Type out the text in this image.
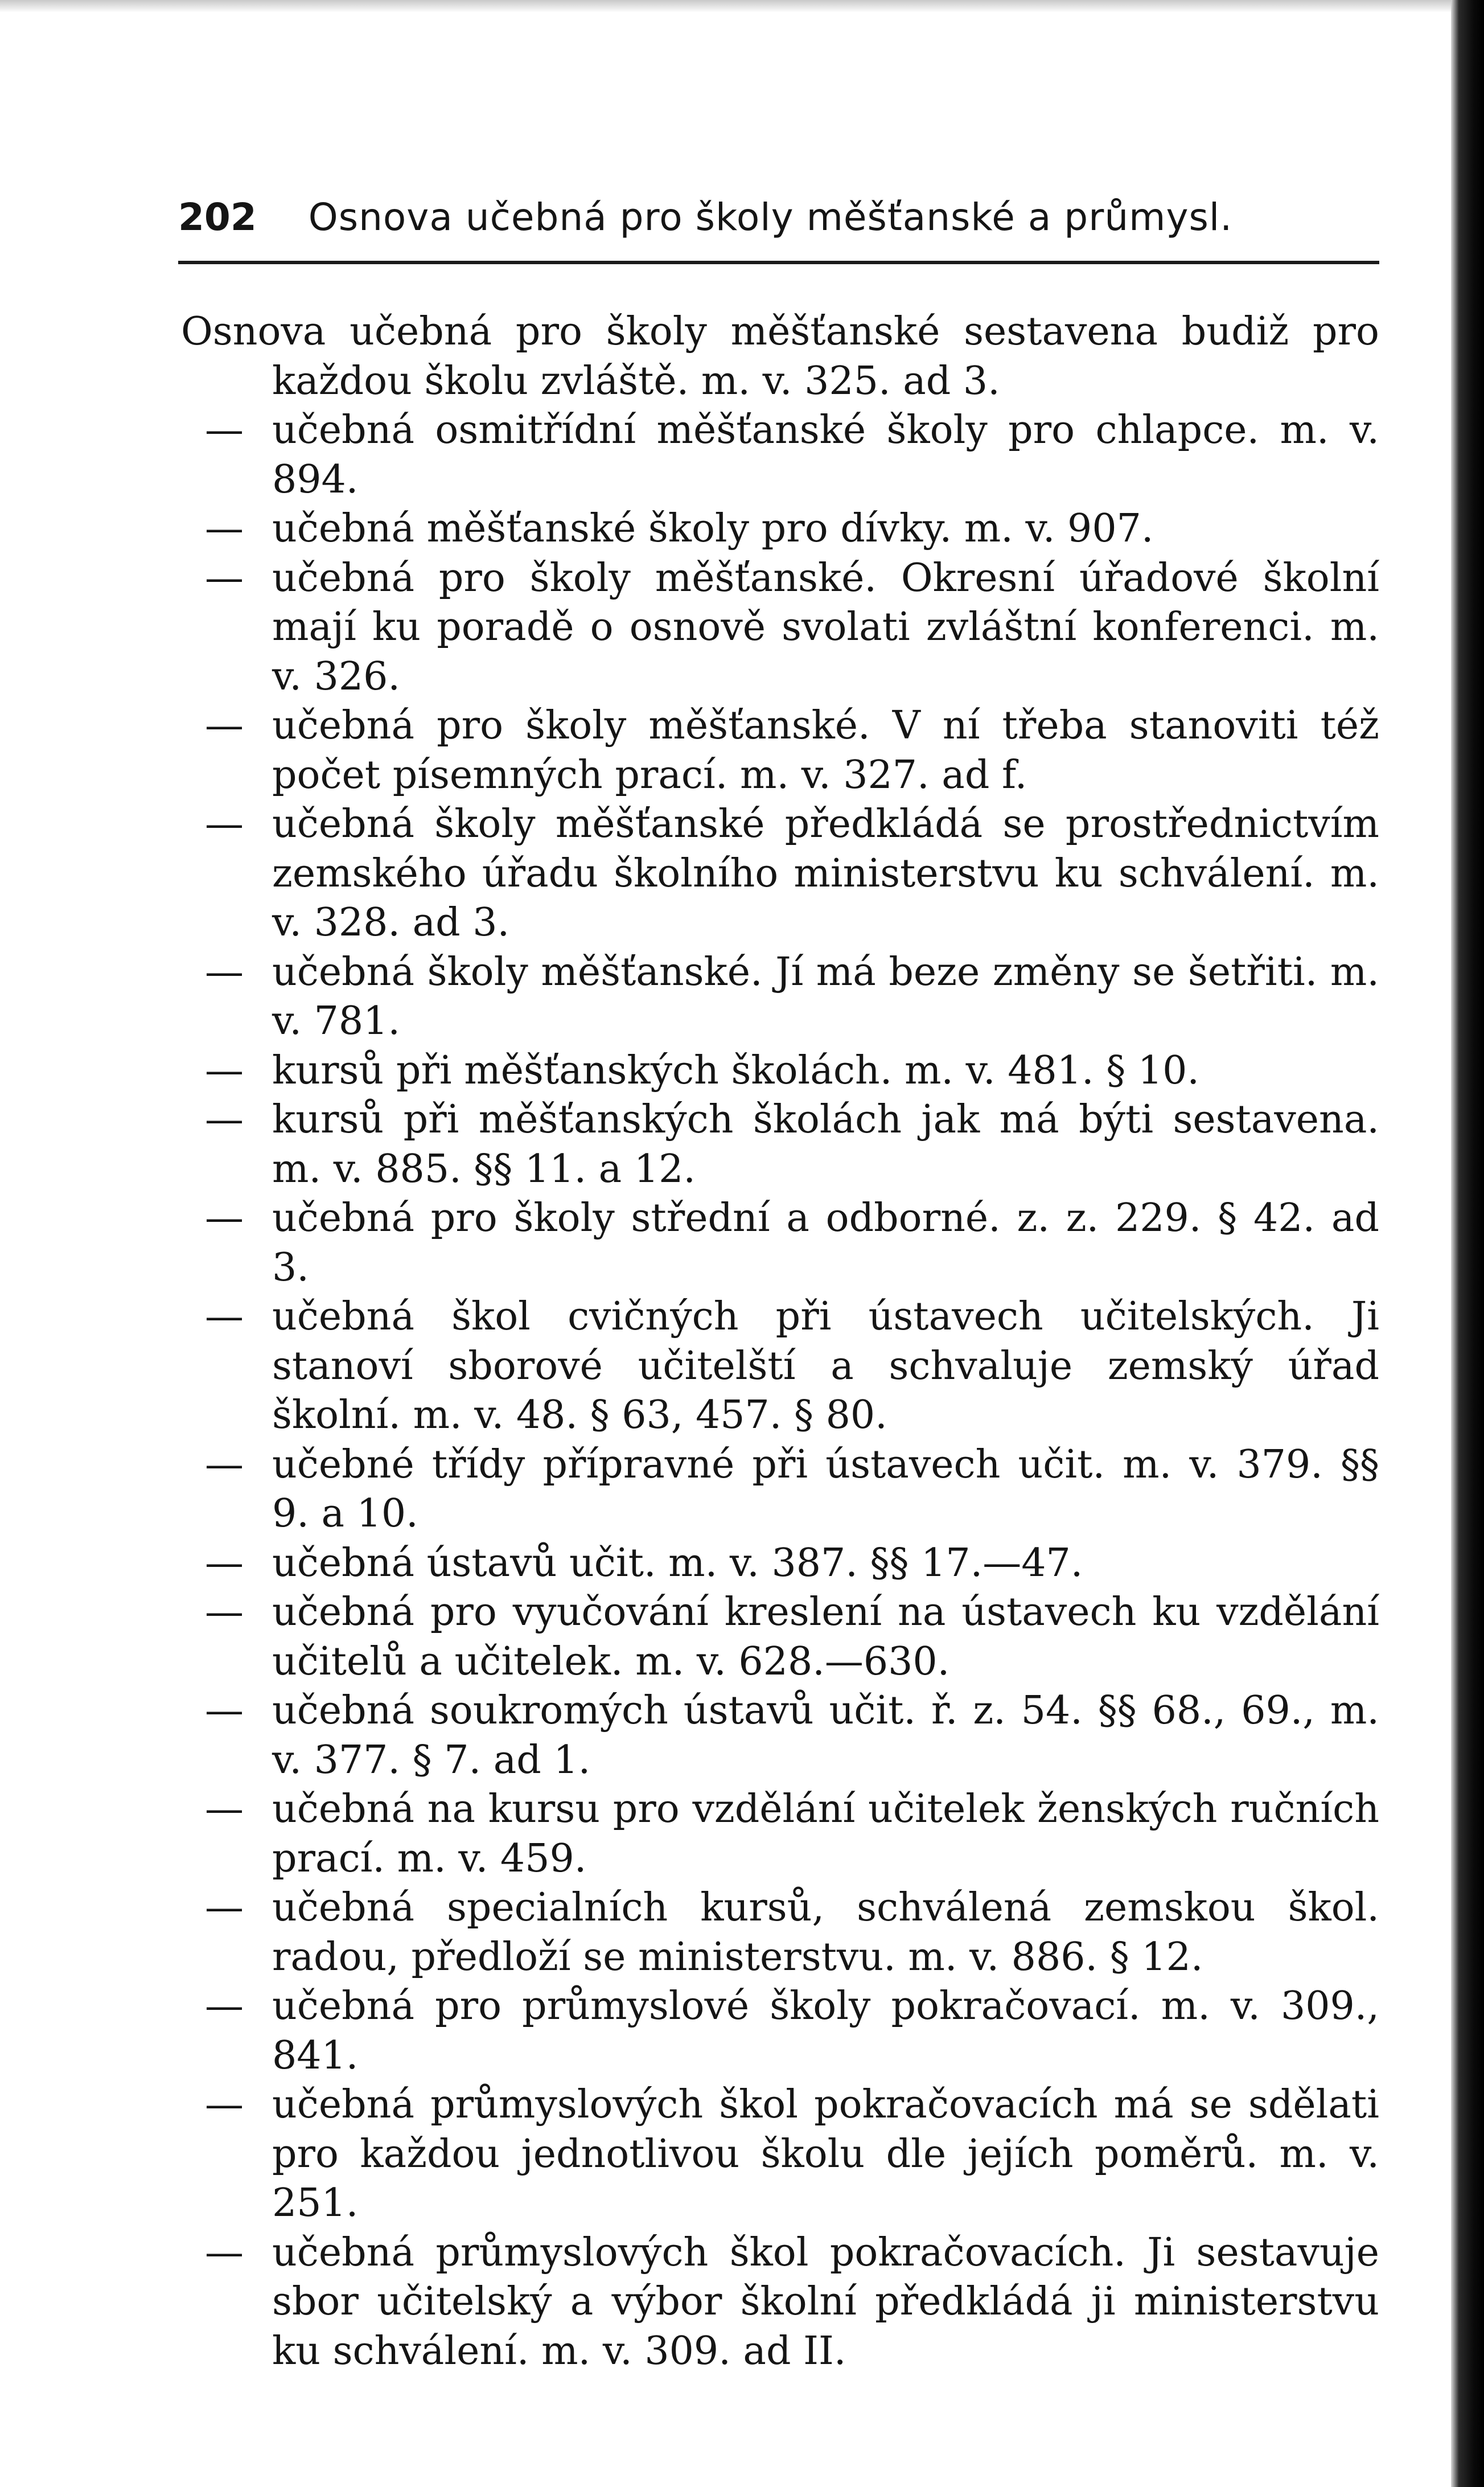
202 Osnova učebná pro školy měšťanské a průmysl.

Osnova učebná pro školy měšťanské sestavena budiž pro každou školu zvláště. m. v. 325. ad 3.

— učebná osmitřídní měšťanské školy pro chlapce. m. v. 894.

— učebná měšťanské školy pro dívky. m. v. 907.

— učebná pro školy měšťanské. Okresní úřadové školní mají ku poradě o osnově svolati zvláštní konferenci. m. v. 326.

— učebná pro školy měšťanské. V ní třeba stanoviti též počet písemných prací. m. v. 327. ad f.

— učebná školy měšťanské předkládá se prostřednictvím zemského úřadu školního ministerstvu ku schválení. m. v. 328. ad 3.

— učebná školy měšťanské. Jí má beze změny se šetřiti. m. v. 781.

— kursů při měšťanských školách. m. v. 481. § 10.

— kursů při měšťanských školách jak má býti sestavena. m. v. 885. §§ 11. a 12.

— učebná pro školy střední a odborné. z. z. 229. § 42. ad 3.

— učebná škol cvičných při ústavech učitelských. Ji stanoví sborové učitelští a schvaluje zemský úřad školní. m. v. 48. § 63, 457. § 80.

— učebné třídy přípravné při ústavech učit. m. v. 379. §§ 9. a 10.

— učebná ústavů učit. m. v. 387. §§ 17.—47.

— učebná pro vyučování kreslení na ústavech ku vzdělání učitelů a učitelek. m. v. 628.—630.

— učebná soukromých ústavů učit. ř. z. 54. §§ 68., 69., m. v. 377. § 7. ad 1.

— učebná na kursu pro vzdělání učitelek ženských ručních prací. m. v. 459.

— učebná specialních kursů, schválená zemskou škol. radou, předloží se ministerstvu. m. v. 886. § 12.

— učebná pro průmyslové školy pokračovací. m. v. 309., 841.

— učebná průmyslových škol pokračovacích má se sdělati pro každou jednotlivou školu dle jejích poměrů. m. v. 251.

— učebná průmyslových škol pokračovacích. Ji sestavuje sbor učitelský a výbor školní předkládá ji ministerstvu ku schválení. m. v. 309. ad II.
